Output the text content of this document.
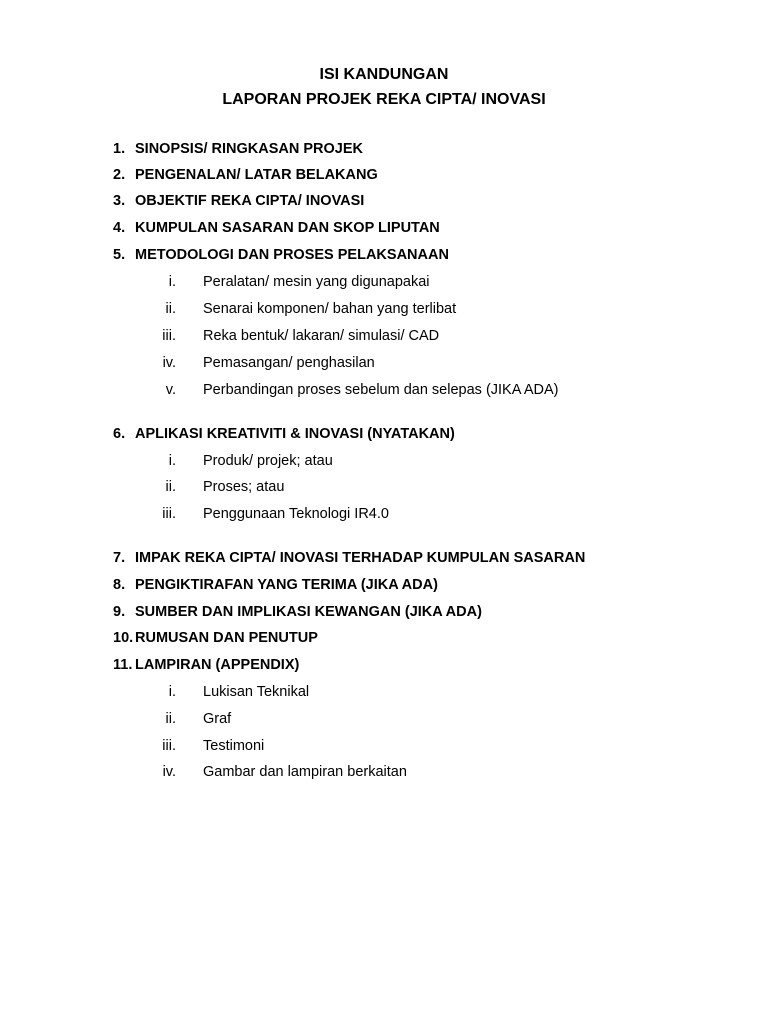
ISI KANDUNGAN
LAPORAN PROJEK REKA CIPTA/ INOVASI
1. SINOPSIS/ RINGKASAN PROJEK
2. PENGENALAN/ LATAR BELAKANG
3. OBJEKTIF REKA CIPTA/ INOVASI
4. KUMPULAN SASARAN DAN SKOP LIPUTAN
5. METODOLOGI DAN PROSES PELAKSANAAN
i. Peralatan/ mesin yang digunapakai
ii. Senarai komponen/ bahan yang terlibat
iii. Reka bentuk/ lakaran/ simulasi/ CAD
iv. Pemasangan/ penghasilan
v. Perbandingan proses sebelum dan selepas (JIKA ADA)
6. APLIKASI KREATIVITI & INOVASI (NYATAKAN)
i. Produk/ projek; atau
ii. Proses; atau
iii. Penggunaan Teknologi IR4.0
7. IMPAK REKA CIPTA/ INOVASI TERHADAP KUMPULAN SASARAN
8. PENGIKTIRAFAN YANG TERIMA (JIKA ADA)
9. SUMBER DAN IMPLIKASI KEWANGAN (JIKA ADA)
10. RUMUSAN DAN PENUTUP
11. LAMPIRAN (APPENDIX)
i. Lukisan Teknikal
ii. Graf
iii. Testimoni
iv. Gambar dan lampiran berkaitan
